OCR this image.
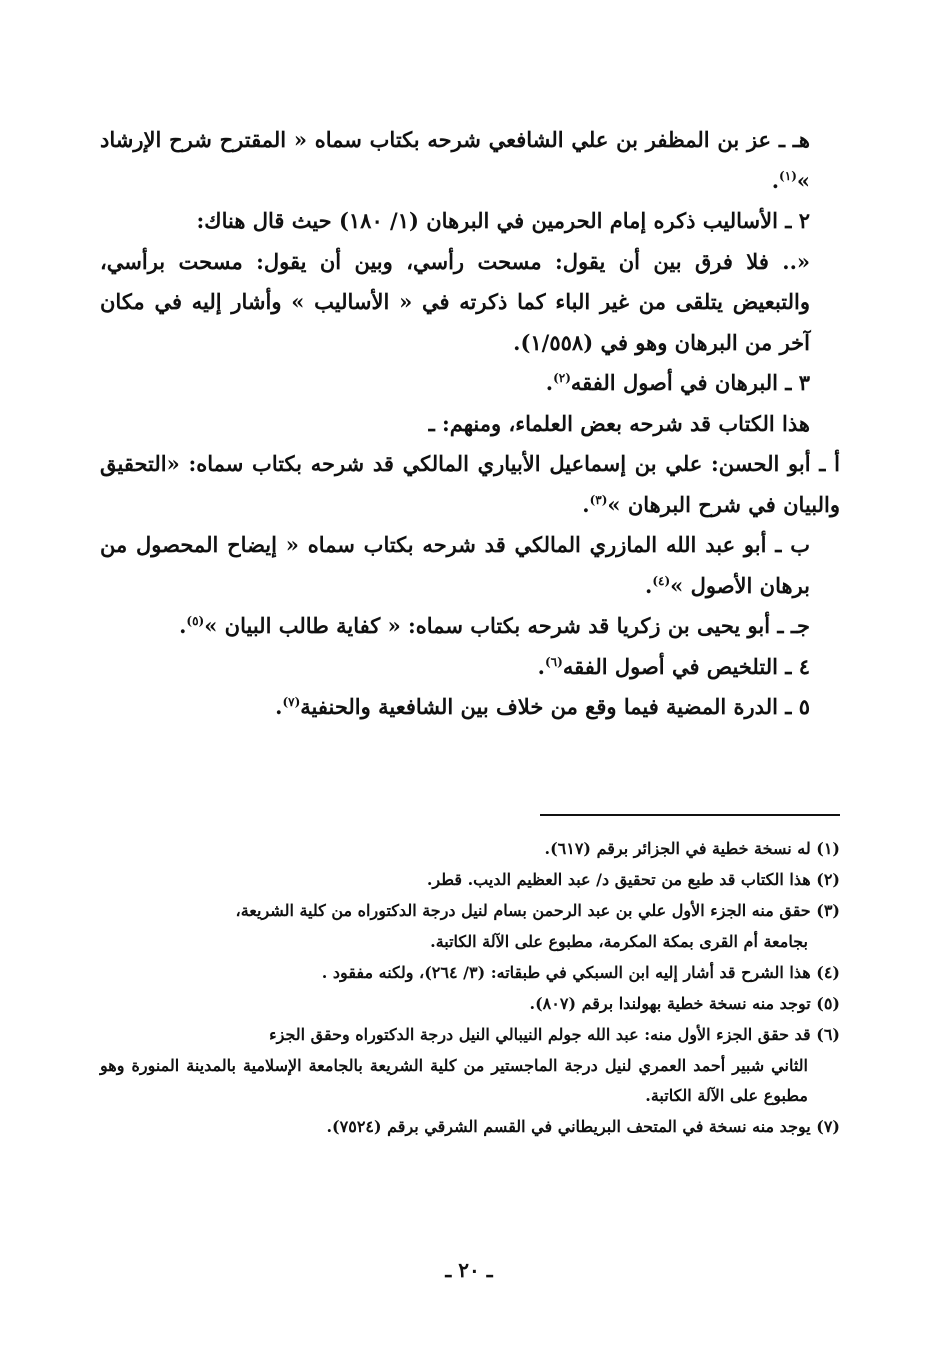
هـ ـ عز بن المظفر بن علي الشافعي شرحه بكتاب سماه « المقترح شرح الإرشاد »$^{(١)}$.

٢ ـ الأساليب ذكره إمام الحرمين في البرهان (١/ ١٨٠) حيث قال هناك:

«.. فلا فرق بين أن يقول: مسحت رأسي، وبين أن يقول: مسحت برأسي، والتبعيض يتلقى من غير الباء كما ذكرته في « الأساليب » وأشار إليه في مكان آخر من البرهان وهو في (١/٥٥٨).

٣ ـ البرهان في أصول الفقه$^{(٢)}$.

هذا الكتاب قد شرحه بعض العلماء، ومنهم: ـ

أ ـ أبو الحسن: علي بن إسماعيل الأبياري المالكي قد شرحه بكتاب سماه: «التحقيق والبيان في شرح البرهان »$^{(٣)}$.

ب ـ أبو عبد الله المازري المالكي قد شرحه بكتاب سماه « إيضاح المحصول من برهان الأصول »$^{(٤)}$.

جـ ـ أبو يحيى بن زكريا قد شرحه بكتاب سماه: « كفاية طالب البيان »$^{(٥)}$.

٤ ـ التلخيص في أصول الفقه$^{(٦)}$.

٥ ـ الدرة المضية فيما وقع من خلاف بين الشافعية والحنفية$^{(٧)}$.

(١) له نسخة خطية في الجزائر برقم (٦١٧).

(٢) هذا الكتاب قد طبع من تحقيق د/ عبد العظيم الديب. قطر.

(٣) حقق منه الجزء الأول علي بن عبد الرحمن بسام لنيل درجة الدكتوراه من كلية الشريعة،

بجامعة أم القرى بمكة المكرمة، مطبوع على الآلة الكاتبة.

(٤) هذا الشرح قد أشار إليه ابن السبكي في طبقاته: (٣/ ٢٦٤)، ولكنه مفقود .

(٥) توجد منه نسخة خطية بهولندا برقم (٨٠٧).

(٦) قد حقق الجزء الأول منه: عبد الله جولم النيبالي النيل درجة الدكتوراه وحقق الجزء

الثاني شبير أحمد العمري لنيل درجة الماجستير من كلية الشريعة بالجامعة الإسلامية بالمدينة المنورة وهو مطبوع على الآلة الكاتبة.

(٧) يوجد منه نسخة في المتحف البريطاني في القسم الشرقي برقم (٧٥٢٤).

ـ ٢٠ ـ
